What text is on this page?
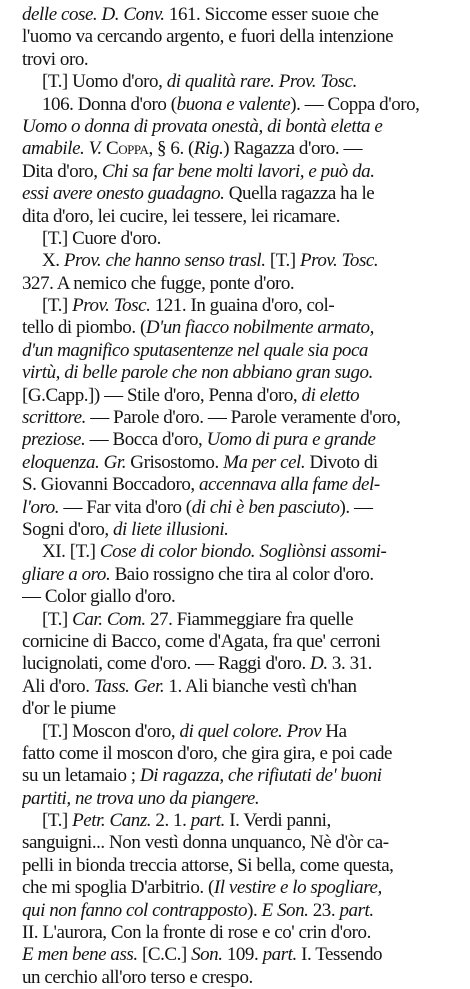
delle cose. D. Conv. 161. Siccome esser suoıe che
l'uomo va cercando argento, e fuori della intenzione
trovi oro.
[T.] Uomo d'oro, di qualità rare. Prov. Tosc.
106. Donna d'oro (buona e valente). — Coppa d'oro,
Uomo o donna di provata onestà, di bontà eletta e
amabile. V. Coppa, § 6. (Rig.) Ragazza d'oro. —
Dita d'oro, Chi sa far bene molti lavori, e può da.
essi avere onesto guadagno. Quella ragazza ha le
dita d'oro, lei cucire, lei tessere, lei ricamare.
[T.] Cuore d'oro.
X. Prov. che hanno senso trasl. [T.] Prov. Tosc.
327. A nemico che fugge, ponte d'oro.
[T.] Prov. Tosc. 121. In guaina d'oro, col-
tello di piombo. (D'un fiacco nobilmente armato,
d'un magnifico sputasentenze nel quale sia poca
virtù, di belle parole che non abbiano gran sugo.
[G.Capp.]) — Stile d'oro, Penna d'oro, di eletto
scrittore. — Parole d'oro. — Parole veramente d'oro,
preziose. — Bocca d'oro, Uomo di pura e grande
eloquenza. Gr. Grisostomo. Ma per cel. Divoto di
S. Giovanni Boccadoro, accennava alla fame del-
l'oro. — Far vita d'oro (di chi è ben pasciuto). —
Sogni d'oro, di liete illusioni.
XI. [T.] Cose di color biondo. Sogliònsi assomi-
gliare a oro. Baio rossigno che tira al color d'oro.
— Color giallo d'oro.
[T.] Car. Com. 27. Fiammeggiare fra quelle
cornicine di Bacco, come d'Agata, fra que' cerroni
lucignolati, come d'oro. — Raggi d'oro. D. 3. 31.
Ali d'oro. Tass. Ger. 1. Ali bianche vestì ch'han
d'or le piume
[T.] Moscon d'oro, di quel colore. Prov Ha
fatto come il moscon d'oro, che gira gira, e poi cade
su un letamaio ; Di ragazza, che rifiutati de' buoni
partiti, ne trova uno da piangere.
[T.] Petr. Canz. 2. 1. part. I. Verdi panni,
sanguigni... Non vestì donna unquanco, Nè d'òr ca-
pelli in bionda treccia attorse, Si bella, come questa,
che mi spoglia D'arbitrio. (Il vestire e lo spogliare,
qui non fanno col contrapposto). E Son. 23. part.
II. L'aurora, Con la fronte di rose e co' crin d'oro.
E men bene ass. [C.C.] Son. 109. part. I. Tessendo
un cerchio all'oro terso e crespo.
